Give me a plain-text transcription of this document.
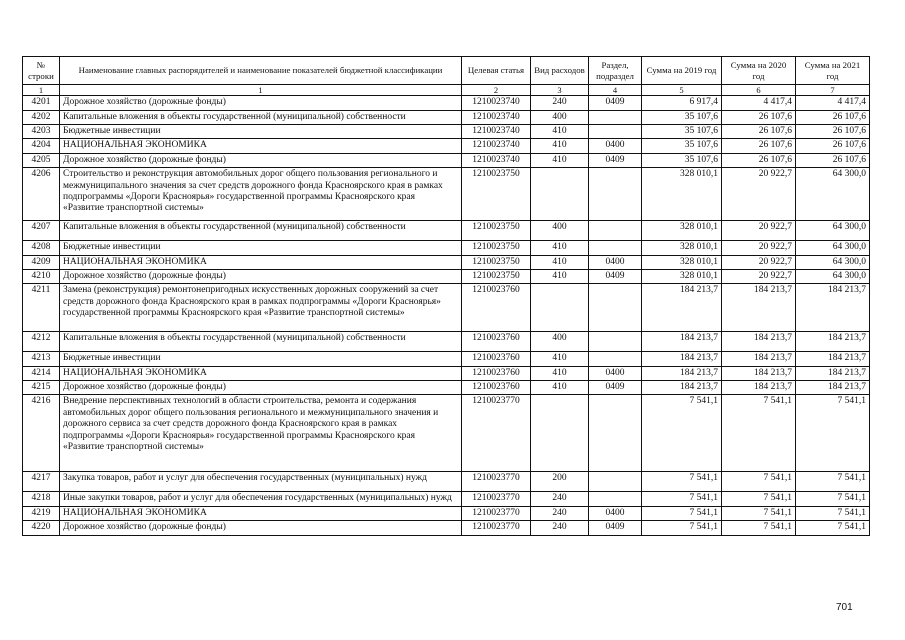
№ строки	Наименование главных распорядителей и наименование показателей бюджетной классификации	Целевая статья	Вид расходов	Раздел, подраздел	Сумма на 2019 год	Сумма на 2020 год	Сумма на 2021 год
1	1	2	3	4	5	6	7
4201	Дорожное хозяйство (дорожные фонды)	1210023740	240	0409	6 917,4	4 417,4	4 417,4
4202	Капитальные вложения в объекты государственной (муниципальной) собственности	1210023740	400		35 107,6	26 107,6	26 107,6
4203	Бюджетные инвестиции	1210023740	410		35 107,6	26 107,6	26 107,6
4204	НАЦИОНАЛЬНАЯ ЭКОНОМИКА	1210023740	410	0400	35 107,6	26 107,6	26 107,6
4205	Дорожное хозяйство (дорожные фонды)	1210023740	410	0409	35 107,6	26 107,6	26 107,6
4206	Строительство и реконструкция автомобильных дорог общего пользования регионального и межмуниципального значения за счет средств дорожного фонда Красноярского края в рамках подпрограммы «Дороги Красноярья» государственной программы Красноярского края «Развитие транспортной системы»	1210023750			328 010,1	20 922,7	64 300,0
4207	Капитальные вложения в объекты государственной (муниципальной) собственности	1210023750	400		328 010,1	20 922,7	64 300,0
4208	Бюджетные инвестиции	1210023750	410		328 010,1	20 922,7	64 300,0
4209	НАЦИОНАЛЬНАЯ ЭКОНОМИКА	1210023750	410	0400	328 010,1	20 922,7	64 300,0
4210	Дорожное хозяйство (дорожные фонды)	1210023750	410	0409	328 010,1	20 922,7	64 300,0
4211	Замена (реконструкция) ремонтонепригодных искусственных дорожных сооружений за счет средств дорожного фонда Красноярского края в рамках подпрограммы «Дороги Красноярья» государственной программы Красноярского края «Развитие транспортной системы»	1210023760			184 213,7	184 213,7	184 213,7
4212	Капитальные вложения в объекты государственной (муниципальной) собственности	1210023760	400		184 213,7	184 213,7	184 213,7
4213	Бюджетные инвестиции	1210023760	410		184 213,7	184 213,7	184 213,7
4214	НАЦИОНАЛЬНАЯ ЭКОНОМИКА	1210023760	410	0400	184 213,7	184 213,7	184 213,7
4215	Дорожное хозяйство (дорожные фонды)	1210023760	410	0409	184 213,7	184 213,7	184 213,7
4216	Внедрение перспективных технологий в области строительства, ремонта и содержания автомобильных дорог общего пользования регионального и межмуниципального значения и дорожного сервиса за счет средств дорожного фонда Красноярского края в рамках подпрограммы «Дороги Красноярья» государственной программы Красноярского края «Развитие транспортной системы»	1210023770			7 541,1	7 541,1	7 541,1
4217	Закупка товаров, работ и услуг для обеспечения государственных (муниципальных) нужд	1210023770	200		7 541,1	7 541,1	7 541,1
4218	Иные закупки товаров, работ и услуг для обеспечения государственных (муниципальных) нужд	1210023770	240		7 541,1	7 541,1	7 541,1
4219	НАЦИОНАЛЬНАЯ ЭКОНОМИКА	1210023770	240	0400	7 541,1	7 541,1	7 541,1
4220	Дорожное хозяйство (дорожные фонды)	1210023770	240	0409	7 541,1	7 541,1	7 541,1
701
